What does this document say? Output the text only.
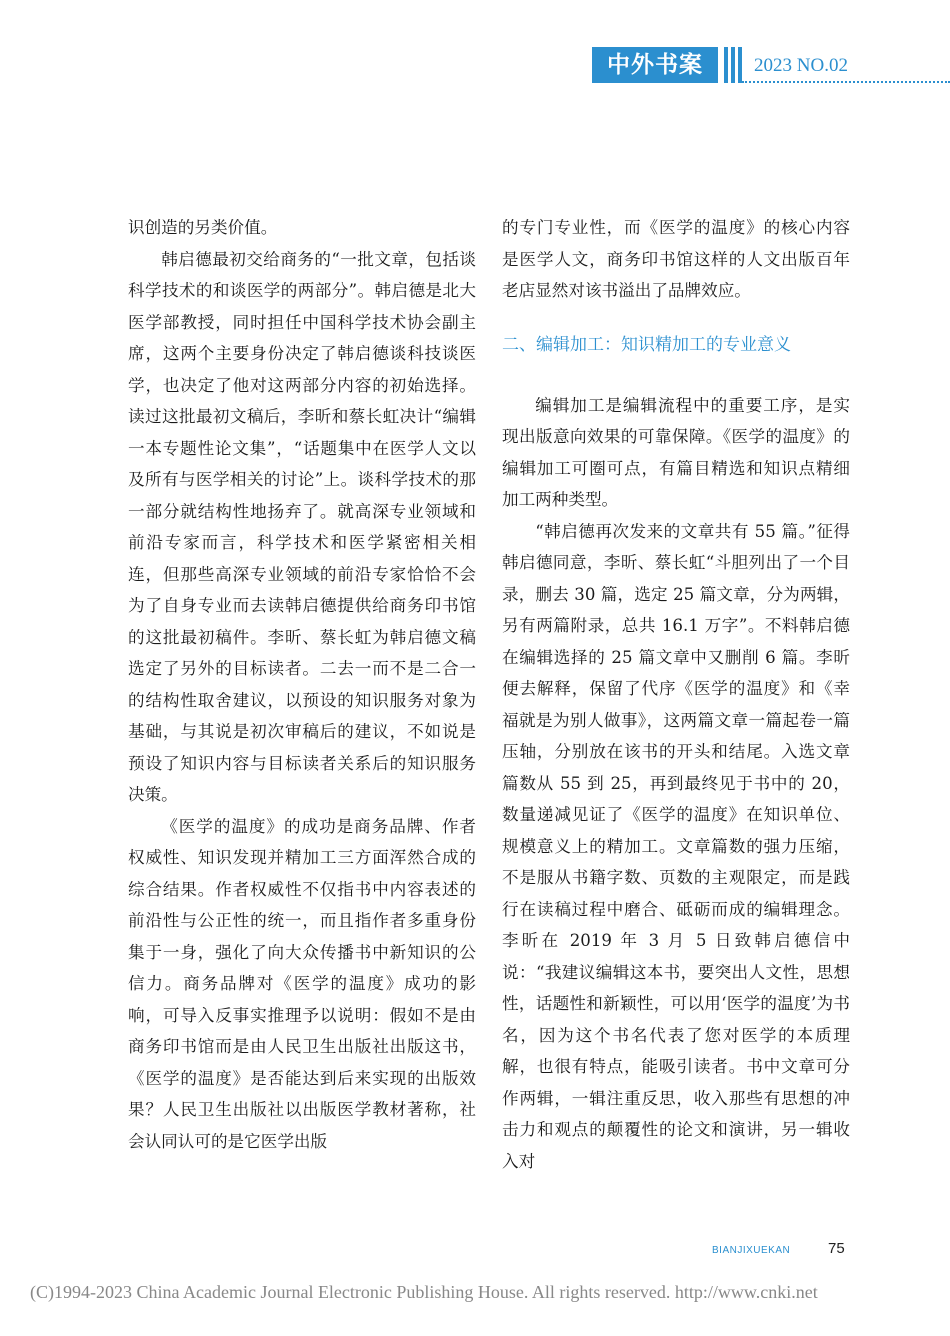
中外书案	2023 NO.02

识创造的另类价值。

韩启德最初交给商务的“一批文章，包括谈科学技术的和谈医学的两部分”。韩启德是北大医学部教授，同时担任中国科学技术协会副主席，这两个主要身份决定了韩启德谈科技谈医学，也决定了他对这两部分内容的初始选择。读过这批最初文稿后，李昕和蔡长虹决计“编辑一本专题性论文集”，“话题集中在医学人文以及所有与医学相关的讨论”上。谈科学技术的那一部分就结构性地扬弃了。就高深专业领域和前沿专家而言，科学技术和医学紧密相关相连，但那些高深专业领域的前沿专家恰恰不会为了自身专业而去读韩启德提供给商务印书馆的这批最初稿件。李昕、蔡长虹为韩启德文稿选定了另外的目标读者。二去一而不是二合一的结构性取舍建议，以预设的知识服务对象为基础，与其说是初次审稿后的建议，不如说是预设了知识内容与目标读者关系后的知识服务决策。

《医学的温度》的成功是商务品牌、作者权威性、知识发现并精加工三方面浑然合成的综合结果。作者权威性不仅指书中内容表述的前沿性与公正性的统一，而且指作者多重身份集于一身，强化了向大众传播书中新知识的公信力。商务品牌对《医学的温度》成功的影响，可导入反事实推理予以说明：假如不是由商务印书馆而是由人民卫生出版社出版这书，《医学的温度》是否能达到后来实现的出版效果？人民卫生出版社以出版医学教材著称，社会认同认可的是它医学出版

的专门专业性，而《医学的温度》的核心内容是医学人文，商务印书馆这样的人文出版百年老店显然对该书溢出了品牌效应。

二、编辑加工：知识精加工的专业意义

编辑加工是编辑流程中的重要工序，是实现出版意向效果的可靠保障。《医学的温度》的编辑加工可圈可点，有篇目精选和知识点精细加工两种类型。

“韩启德再次发来的文章共有 55 篇。”征得韩启德同意，李昕、蔡长虹“斗胆列出了一个目录，删去 30 篇，选定 25 篇文章，分为两辑，另有两篇附录，总共 16.1 万字”。不料韩启德在编辑选择的 25 篇文章中又删削 6 篇。李昕便去解释，保留了代序《医学的温度》和《幸福就是为别人做事》，这两篇文章一篇起卷一篇压轴，分别放在该书的开头和结尾。入选文章篇数从 55 到 25，再到最终见于书中的 20，数量递减见证了《医学的温度》在知识单位、规模意义上的精加工。文章篇数的强力压缩，不是服从书籍字数、页数的主观限定，而是践行在读稿过程中磨合、砥砺而成的编辑理念。李昕在 2019 年 3 月 5 日致韩启德信中说：“我建议编辑这本书，要突出人文性，思想性，话题性和新颖性，可以用‘医学的温度’为书名，因为这个书名代表了您对医学的本质理解，也很有特点，能吸引读者。书中文章可分作两辑，一辑注重反思，收入那些有思想的冲击力和观点的颠覆性的论文和演讲，另一辑收入对

BIANJIXUEKAN	75
(C)1994-2023 China Academic Journal Electronic Publishing House. All rights reserved. http://www.cnki.net
